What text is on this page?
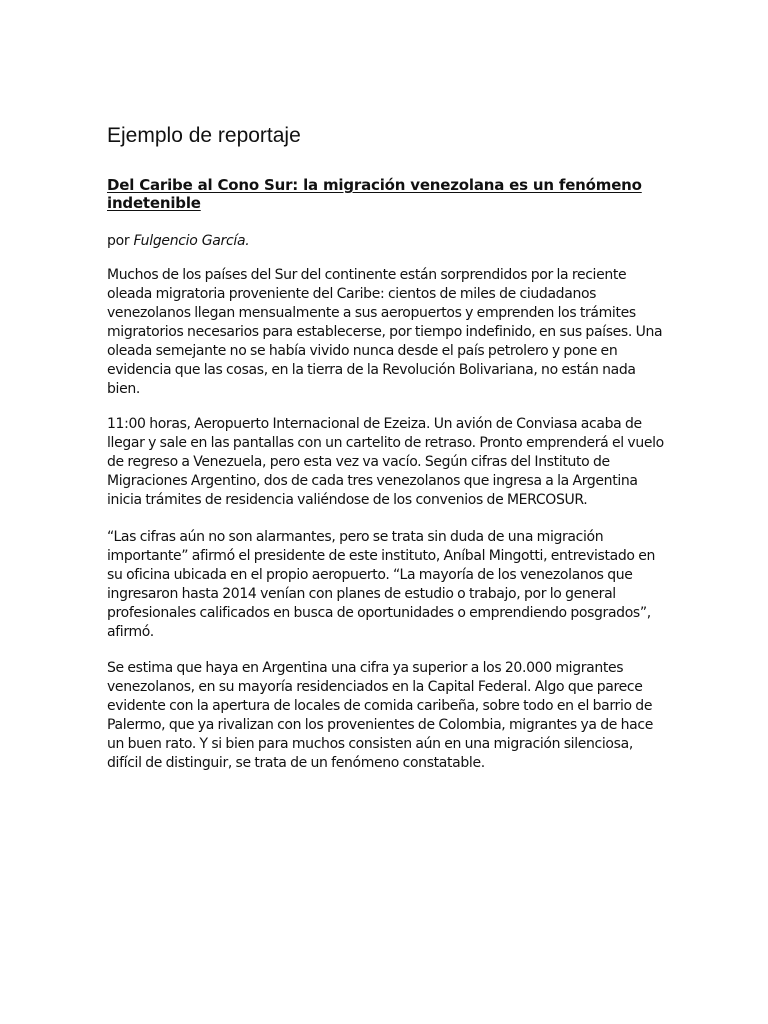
Ejemplo de reportaje
Del Caribe al Cono Sur: la migración venezolana es un fenómeno indetenible

por Fulgencio García.

Muchos de los países del Sur del continente están sorprendidos por la reciente oleada migratoria proveniente del Caribe: cientos de miles de ciudadanos venezolanos llegan mensualmente a sus aeropuertos y emprenden los trámites migratorios necesarios para establecerse, por tiempo indefinido, en sus países. Una oleada semejante no se había vivido nunca desde el país petrolero y pone en evidencia que las cosas, en la tierra de la Revolución Bolivariana, no están nada bien.

11:00 horas, Aeropuerto Internacional de Ezeiza. Un avión de Conviasa acaba de llegar y sale en las pantallas con un cartelito de retraso. Pronto emprenderá el vuelo de regreso a Venezuela, pero esta vez va vacío. Según cifras del Instituto de Migraciones Argentino, dos de cada tres venezolanos que ingresa a la Argentina inicia trámites de residencia valiéndose de los convenios de MERCOSUR.

“Las cifras aún no son alarmantes, pero se trata sin duda de una migración importante” afirmó el presidente de este instituto, Aníbal Mingotti, entrevistado en su oficina ubicada en el propio aeropuerto. “La mayoría de los venezolanos que ingresaron hasta 2014 venían con planes de estudio o trabajo, por lo general profesionales calificados en busca de oportunidades o emprendiendo posgrados”, afirmó.

Se estima que haya en Argentina una cifra ya superior a los 20.000 migrantes venezolanos, en su mayoría residenciados en la Capital Federal. Algo que parece evidente con la apertura de locales de comida caribeña, sobre todo en el barrio de Palermo, que ya rivalizan con los provenientes de Colombia, migrantes ya de hace un buen rato. Y si bien para muchos consisten aún en una migración silenciosa, difícil de distinguir, se trata de un fenómeno constatable.
